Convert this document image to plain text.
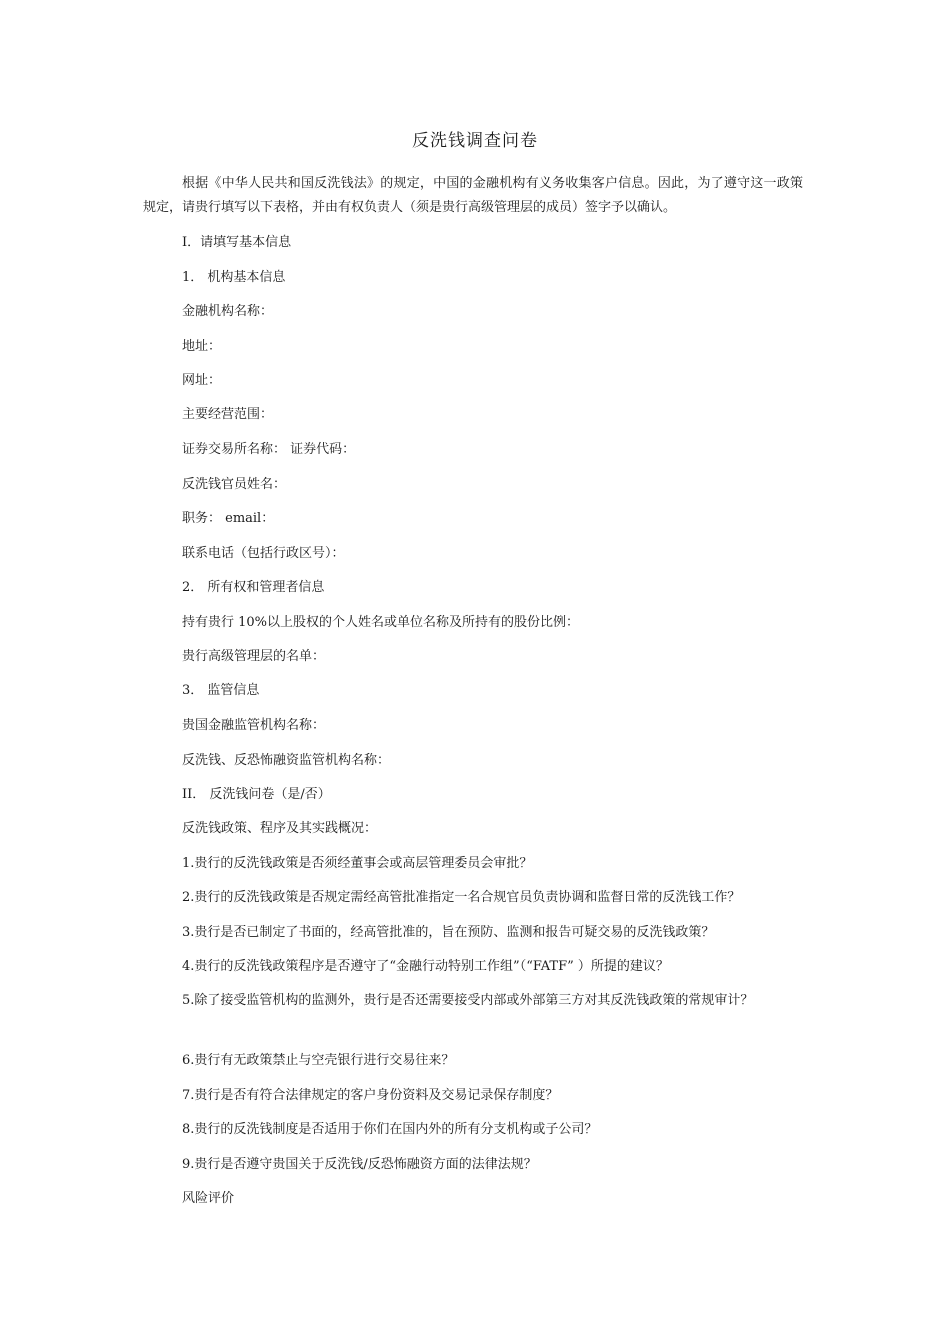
反洗钱调查问卷
根据《中华人民共和国反洗钱法》的规定，中国的金融机构有义务收集客户信息。因此，为了遵守这一政策规定，请贵行填写以下表格，并由有权负责人（须是贵行高级管理层的成员）签字予以确认。
I．请填写基本信息
1． 机构基本信息
金融机构名称：
地址：
网址：
主要经营范围：
证券交易所名称： 证券代码：
反洗钱官员姓名：
职务： email：
联系电话（包括行政区号）：
2． 所有权和管理者信息
持有贵行 10%以上股权的个人姓名或单位名称及所持有的股份比例：
贵行高级管理层的名单：
3． 监管信息
贵国金融监管机构名称：
反洗钱、反恐怖融资监管机构名称：
II． 反洗钱问卷（是/否）
反洗钱政策、程序及其实践概况：
1.贵行的反洗钱政策是否须经董事会或高层管理委员会审批？
2.贵行的反洗钱政策是否规定需经高管批准指定一名合规官员负责协调和监督日常的反洗钱工作？
3.贵行是否已制定了书面的，经高管批准的，旨在预防、监测和报告可疑交易的反洗钱政策？
4.贵行的反洗钱政策程序是否遵守了“金融行动特别工作组”（“FATF” ）所提的建议？
5.除了接受监管机构的监测外，贵行是否还需要接受内部或外部第三方对其反洗钱政策的常规审计？
6.贵行有无政策禁止与空壳银行进行交易往来？
7.贵行是否有符合法律规定的客户身份资料及交易记录保存制度？
8.贵行的反洗钱制度是否适用于你们在国内外的所有分支机构或子公司？
9.贵行是否遵守贵国关于反洗钱/反恐怖融资方面的法律法规？
风险评价
